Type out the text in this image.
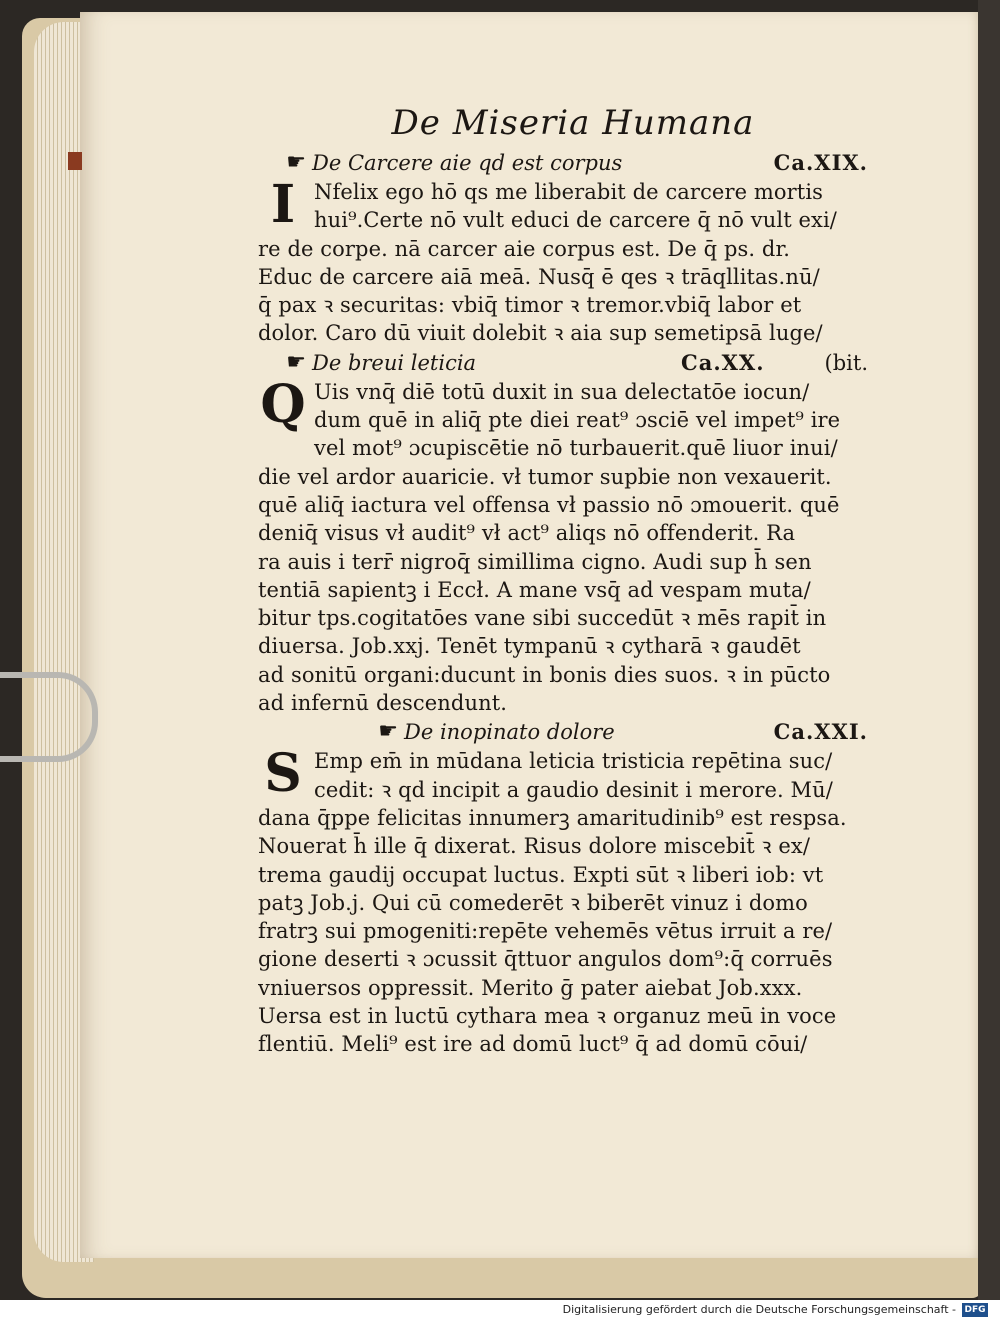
De Miseria Humana
☛ De Carcere aie qd est corpus	Ca.XIX.
I Nfelix ego hō qs me liberabit de carcere mortis
hui⁹.Certe nō vult educi de carcere q̄ nō vult exi/
re de corpe. nā carcer aie corpus est. De q̄ ps. dr.
Educ de carcere aiā meā. Nusq̄ ē qes ꝛ trāqllitas.nū/
q̄ pax ꝛ securitas: vbiq̄ timor ꝛ tremor.vbiq̄ labor et
dolor. Caro dū viuit dolebit ꝛ aia sup semetipsā luge/
☛ De breui leticia	Ca.XX.	(bit.
Q Uis vnq̄ diē totū duxit in sua delectatōe iocun/
dum quē in aliq̄ pte diei reat⁹ ɔsciē vel impet⁹ ire
vel mot⁹ ɔcupiscētie nō turbauerit.quē liuor inui/
die vel ardor auaricie. vł tumor supbie non vexauerit.
quē aliq̄ iactura vel offensa vł passio nō ɔmouerit. quē
deniq̄ visus vł audit⁹ vł act⁹ aliqs nō offenderit. Ra
ra auis i terr̄ nigroq̄ simillima cigno. Audi sup h̄ sen
tentiā sapientꝫ i Eccł. A mane vsq̄ ad vespam muta/
bitur tps.cogitatōes vane sibi succedūt ꝛ mēs rapit̄ in
diuersa. Job.xxj. Tenēt tympanū ꝛ cytharā ꝛ gaudēt
ad sonitū organi:ducunt in bonis dies suos. ꝛ in pūcto
ad infernū descendunt.
☛ De inopinato dolore	Ca.XXI.
S Emp em̄ in mūdana leticia tristicia repētina suc/
cedit: ꝛ qd incipit a gaudio desinit i merore. Mū/
dana q̄ppe felicitas innumerꝫ amaritudinib⁹ est respsa.
Nouerat h̄ ille q̄ dixerat. Risus dolore miscebit̄ ꝛ ex/
trema gaudij occupat luctus. Expti sūt ꝛ liberi iob: vt
patꝫ Job.j. Qui cū comederēt ꝛ biberēt vinuz i domo
fratrꝫ sui pmogeniti:repēte vehemēs vētus irruit a re/
gione deserti ꝛ ɔcussit q̄ttuor angulos dom⁹:q̄ corruēs
vniuersos oppressit. Merito ḡ pater aiebat Job.xxx.
Uersa est in luctū cythara mea ꝛ organuz meū in voce
flentiū. Meli⁹ est ire ad domū luct⁹ q̄ ad domū cōui/
Digitalisierung gefördert durch die Deutsche Forschungsgemeinschaft - DFG
